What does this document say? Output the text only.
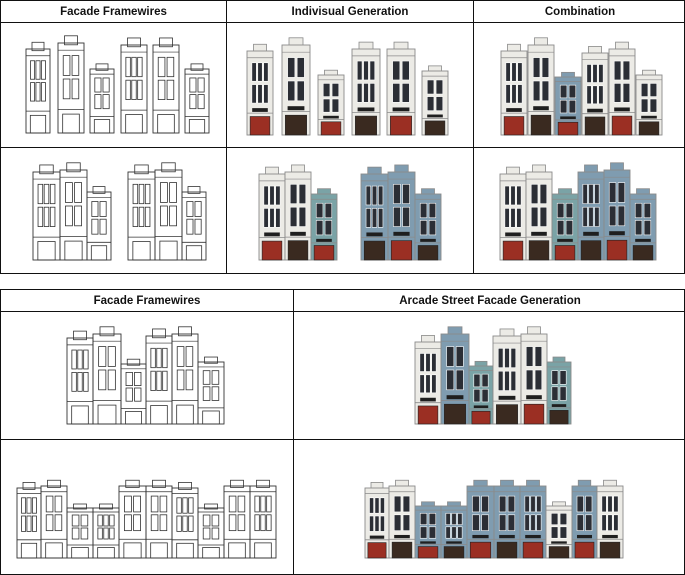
Facade Framewires	Indivisual Generation	Combination
Facade Framewires	Arcade Street Facade Generation
